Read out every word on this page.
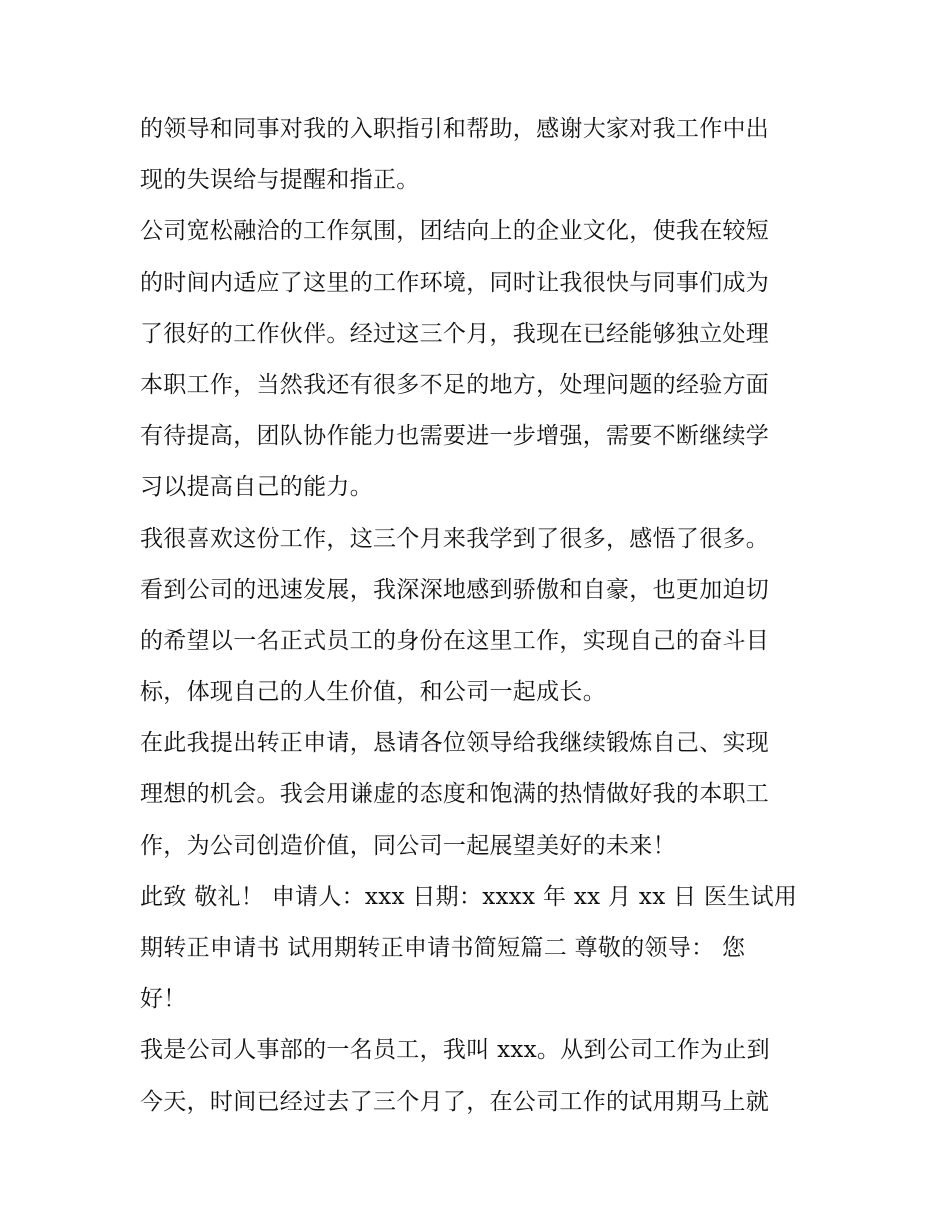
的领导和同事对我的入职指引和帮助，感谢大家对我工作中出
现的失误给与提醒和指正。
公司宽松融洽的工作氛围，团结向上的企业文化，使我在较短
的时间内适应了这里的工作环境，同时让我很快与同事们成为
了很好的工作伙伴。经过这三个月，我现在已经能够独立处理
本职工作，当然我还有很多不足的地方，处理问题的经验方面
有待提高，团队协作能力也需要进一步增强，需要不断继续学
习以提高自己的能力。
我很喜欢这份工作，这三个月来我学到了很多，感悟了很多。
看到公司的迅速发展，我深深地感到骄傲和自豪，也更加迫切
的希望以一名正式员工的身份在这里工作，实现自己的奋斗目
标，体现自己的人生价值，和公司一起成长。
在此我提出转正申请，恳请各位领导给我继续锻炼自己、实现
理想的机会。我会用谦虚的态度和饱满的热情做好我的本职工
作，为公司创造价值，同公司一起展望美好的未来！
此致 敬礼！ 申请人：xxx 日期：xxxx 年 xx 月 xx 日 医生试用
期转正申请书 试用期转正申请书简短篇二 尊敬的领导： 您
好！
我是公司人事部的一名员工，我叫 xxx。从到公司工作为止到
今天，时间已经过去了三个月了，在公司工作的试用期马上就
